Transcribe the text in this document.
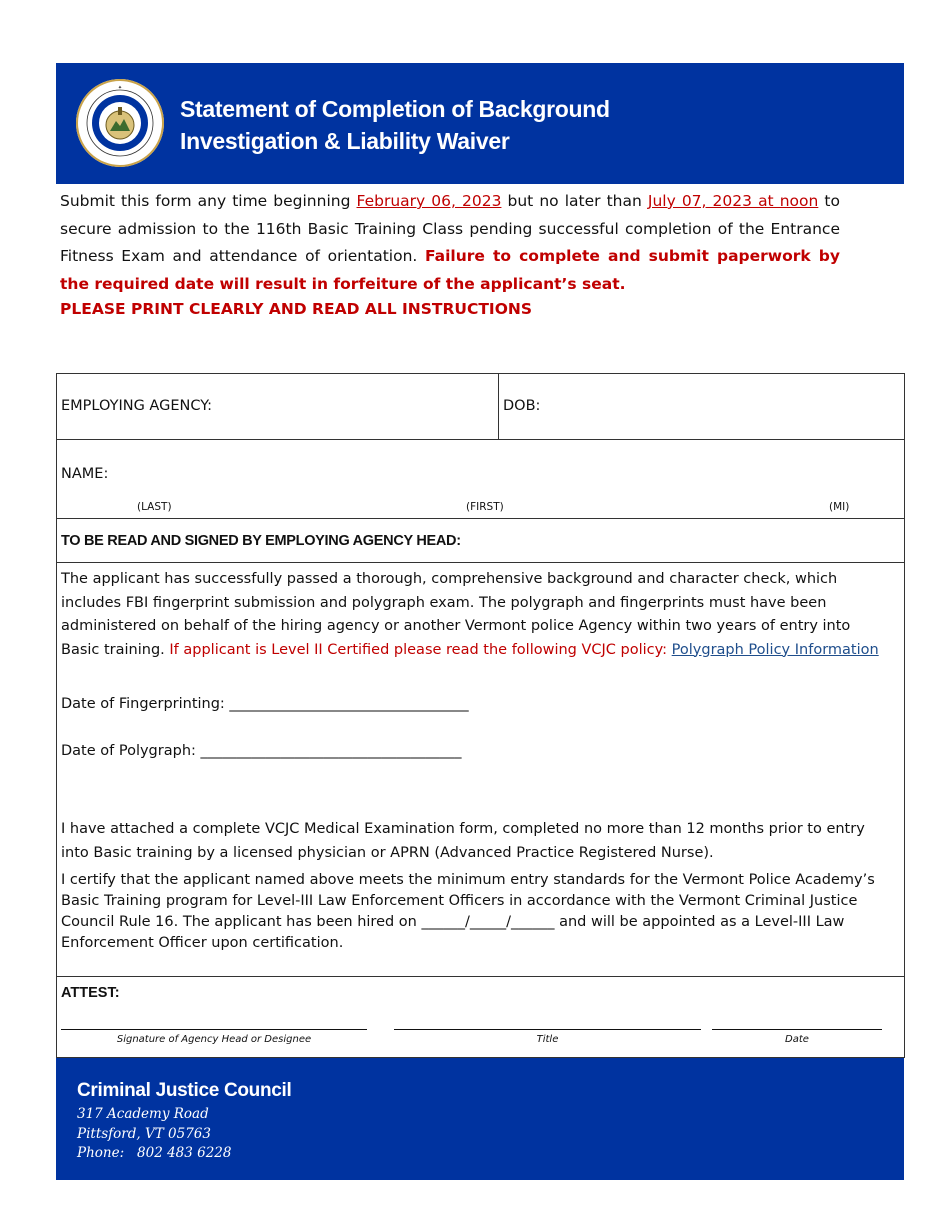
✦
Statement of Completion of Background
Investigation & Liability Waiver
Submit this form any time beginning February 06, 2023 but no later than July 07, 2023 at noon to secure admission to the 116th Basic Training Class pending successful completion of the Entrance Fitness Exam and attendance of orientation. Failure to complete and submit paperwork by the required date will result in forfeiture of the applicant’s seat.
PLEASE PRINT CLEARLY AND READ ALL INSTRUCTIONS
EMPLOYING AGENCY:	DOB:
NAME:
(LAST)	(FIRST)	(MI)
TO BE READ AND SIGNED BY EMPLOYING AGENCY HEAD:
The applicant has successfully passed a thorough, comprehensive background and character check, which includes FBI fingerprint submission and polygraph exam. The polygraph and fingerprints must have been administered on behalf of the hiring agency or another Vermont police Agency within two years of entry into Basic training. If applicant is Level II Certified please read the following VCJC policy: Polygraph Policy Information
Date of Fingerprinting: _________________________________
Date of Polygraph: ____________________________________
I have attached a complete VCJC Medical Examination form, completed no more than 12 months prior to entry into Basic training by a licensed physician or APRN (Advanced Practice Registered Nurse).
I certify that the applicant named above meets the minimum entry standards for the Vermont Police Academy’s Basic Training program for Level-III Law Enforcement Officers in accordance with the Vermont Criminal Justice Council Rule 16. The applicant has been hired on ______/_____/______ and will be appointed as a Level-III Law Enforcement Officer upon certification.
ATTEST:
Signature of Agency Head or Designee	Title	Date
Criminal Justice Council
317 Academy Road
Pittsford, VT 05763
Phone:   802 483 6228
